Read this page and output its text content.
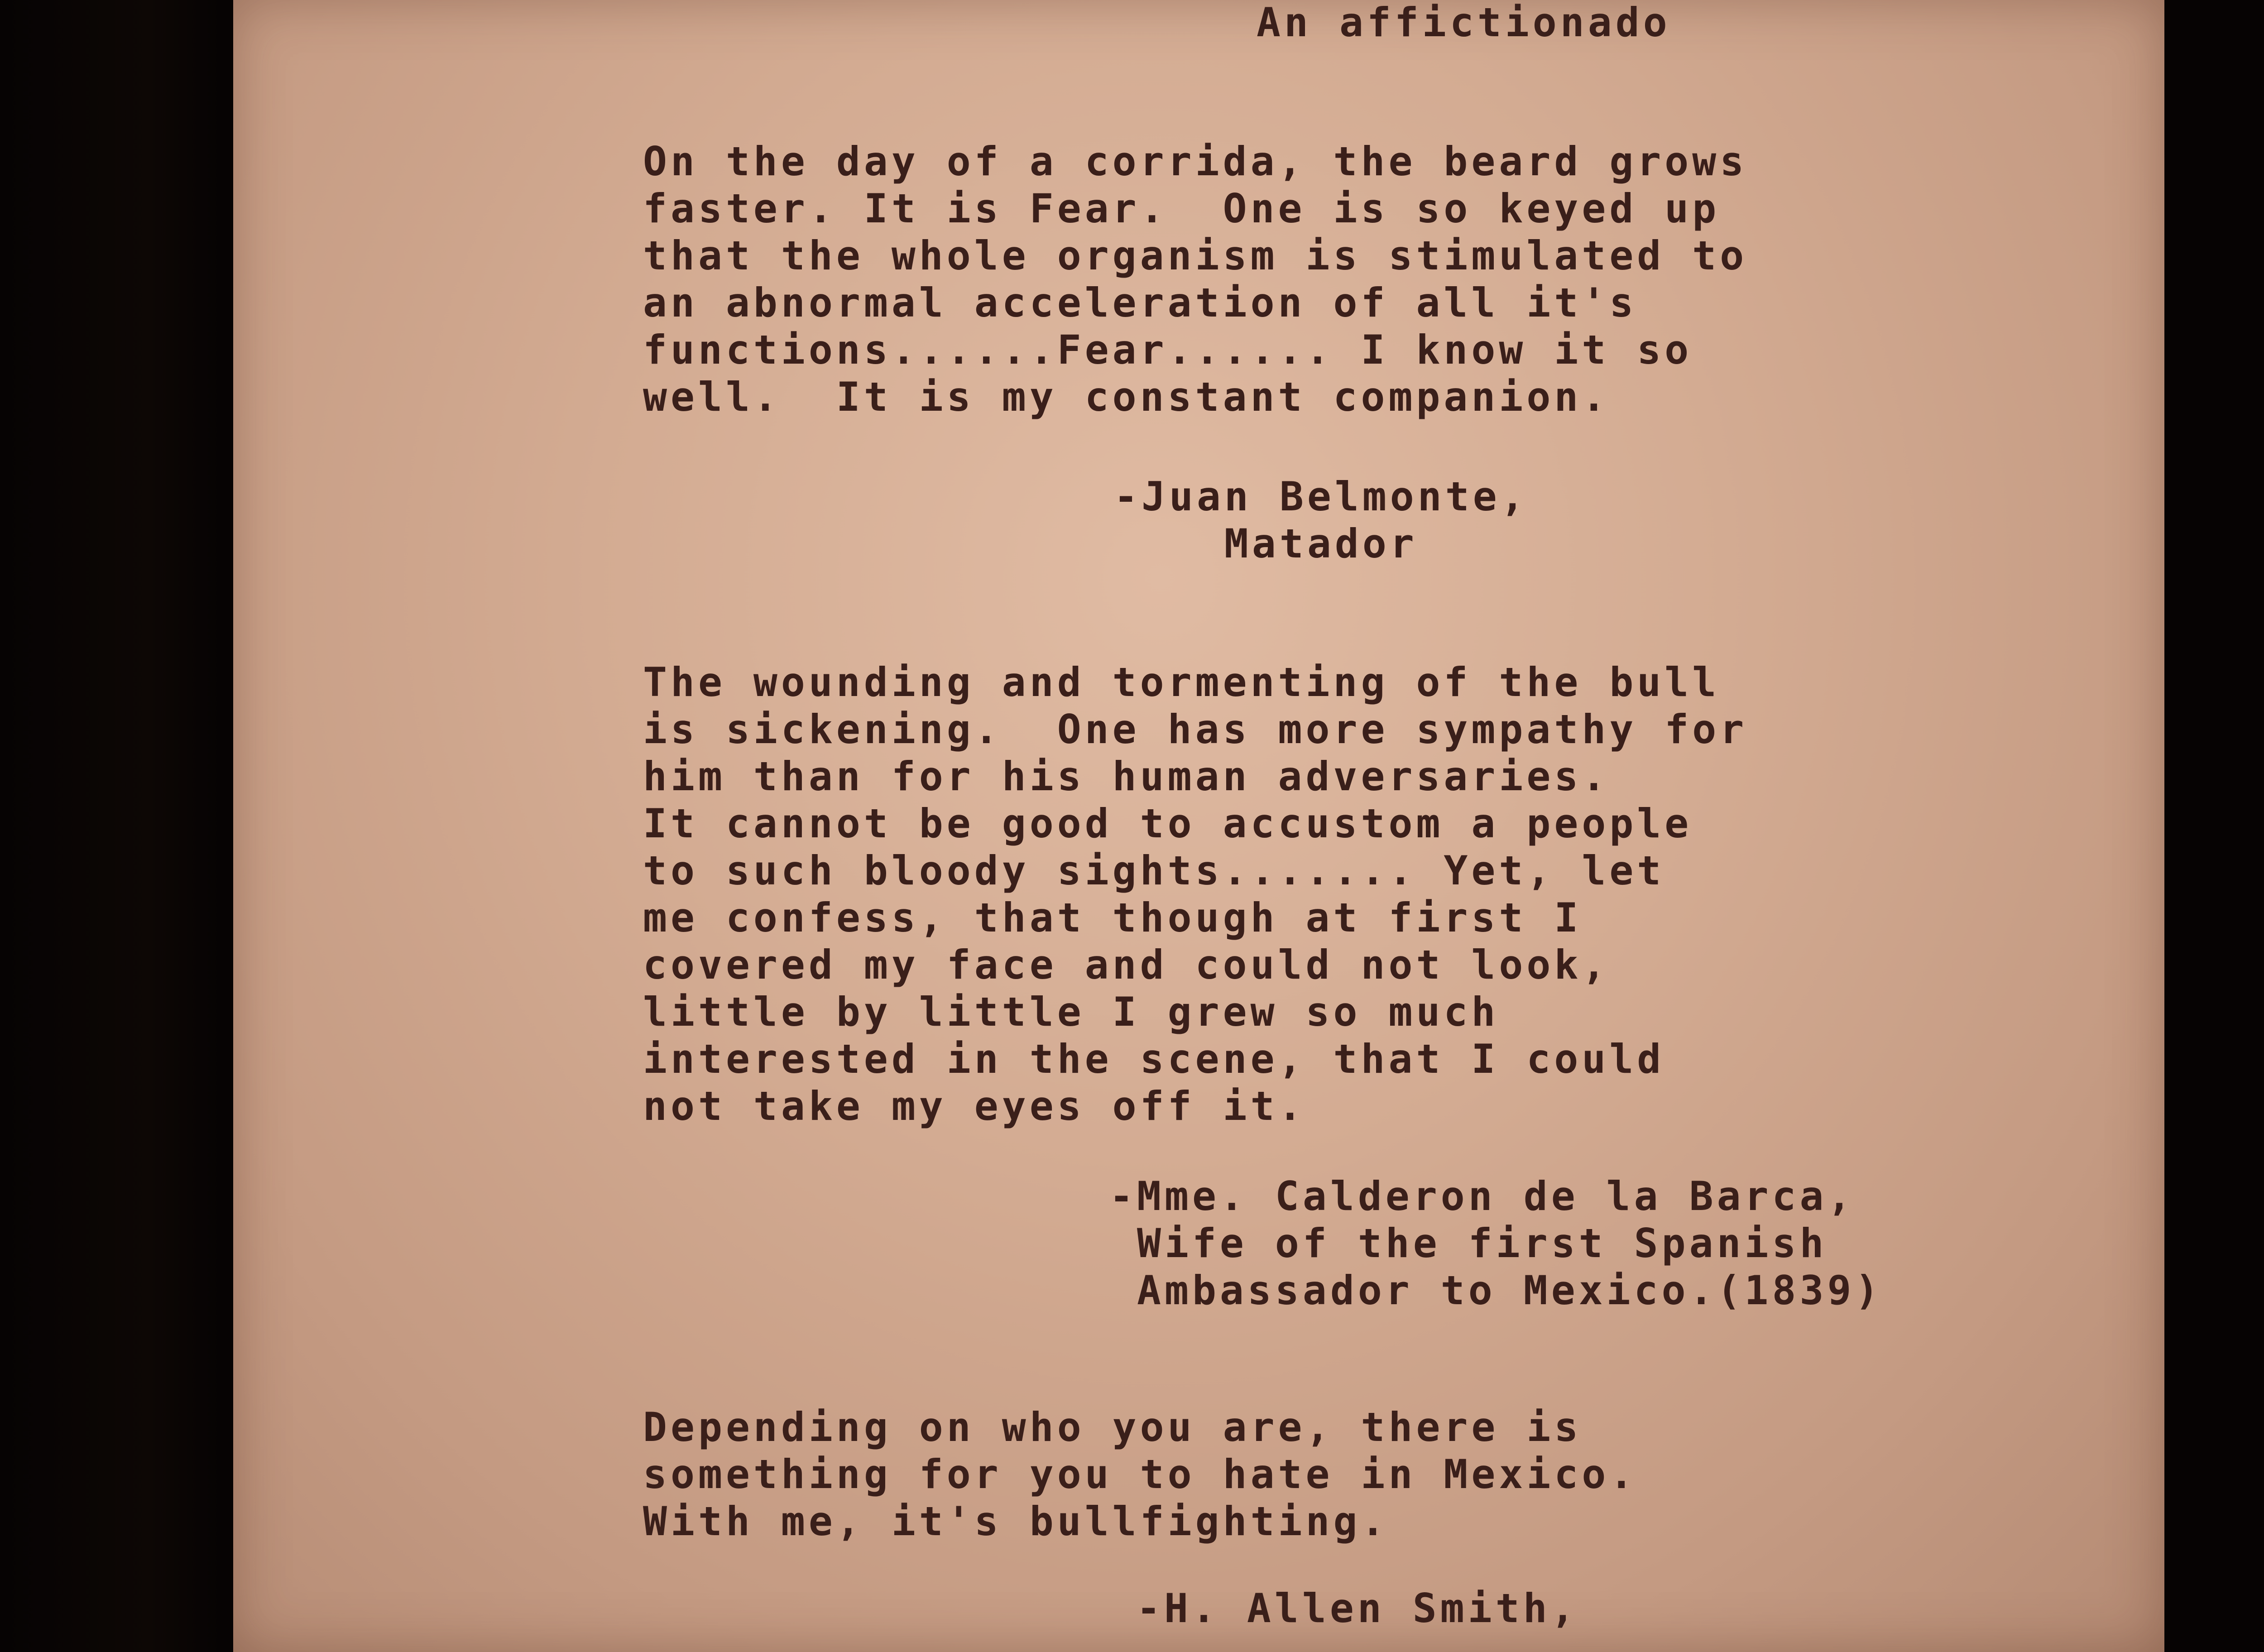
An affictionado
On the day of a corrida, the beard grows
faster. It is Fear.  One is so keyed up
that the whole organism is stimulated to
an abnormal acceleration of all it's
functions......Fear...... I know it so
well.  It is my constant companion.
-Juan Belmonte,
Matador
The wounding and tormenting of the bull
is sickening.  One has more sympathy for
him than for his human adversaries.
It cannot be good to accustom a people
to such bloody sights....... Yet, let
me confess, that though at first I
covered my face and could not look,
little by little I grew so much
interested in the scene, that I could
not take my eyes off it.
-Mme. Calderon de la Barca,
Wife of the first Spanish
Ambassador to Mexico.(1839)
Depending on who you are, there is
something for you to hate in Mexico.
With me, it's bullfighting.
-H. Allen Smith,
